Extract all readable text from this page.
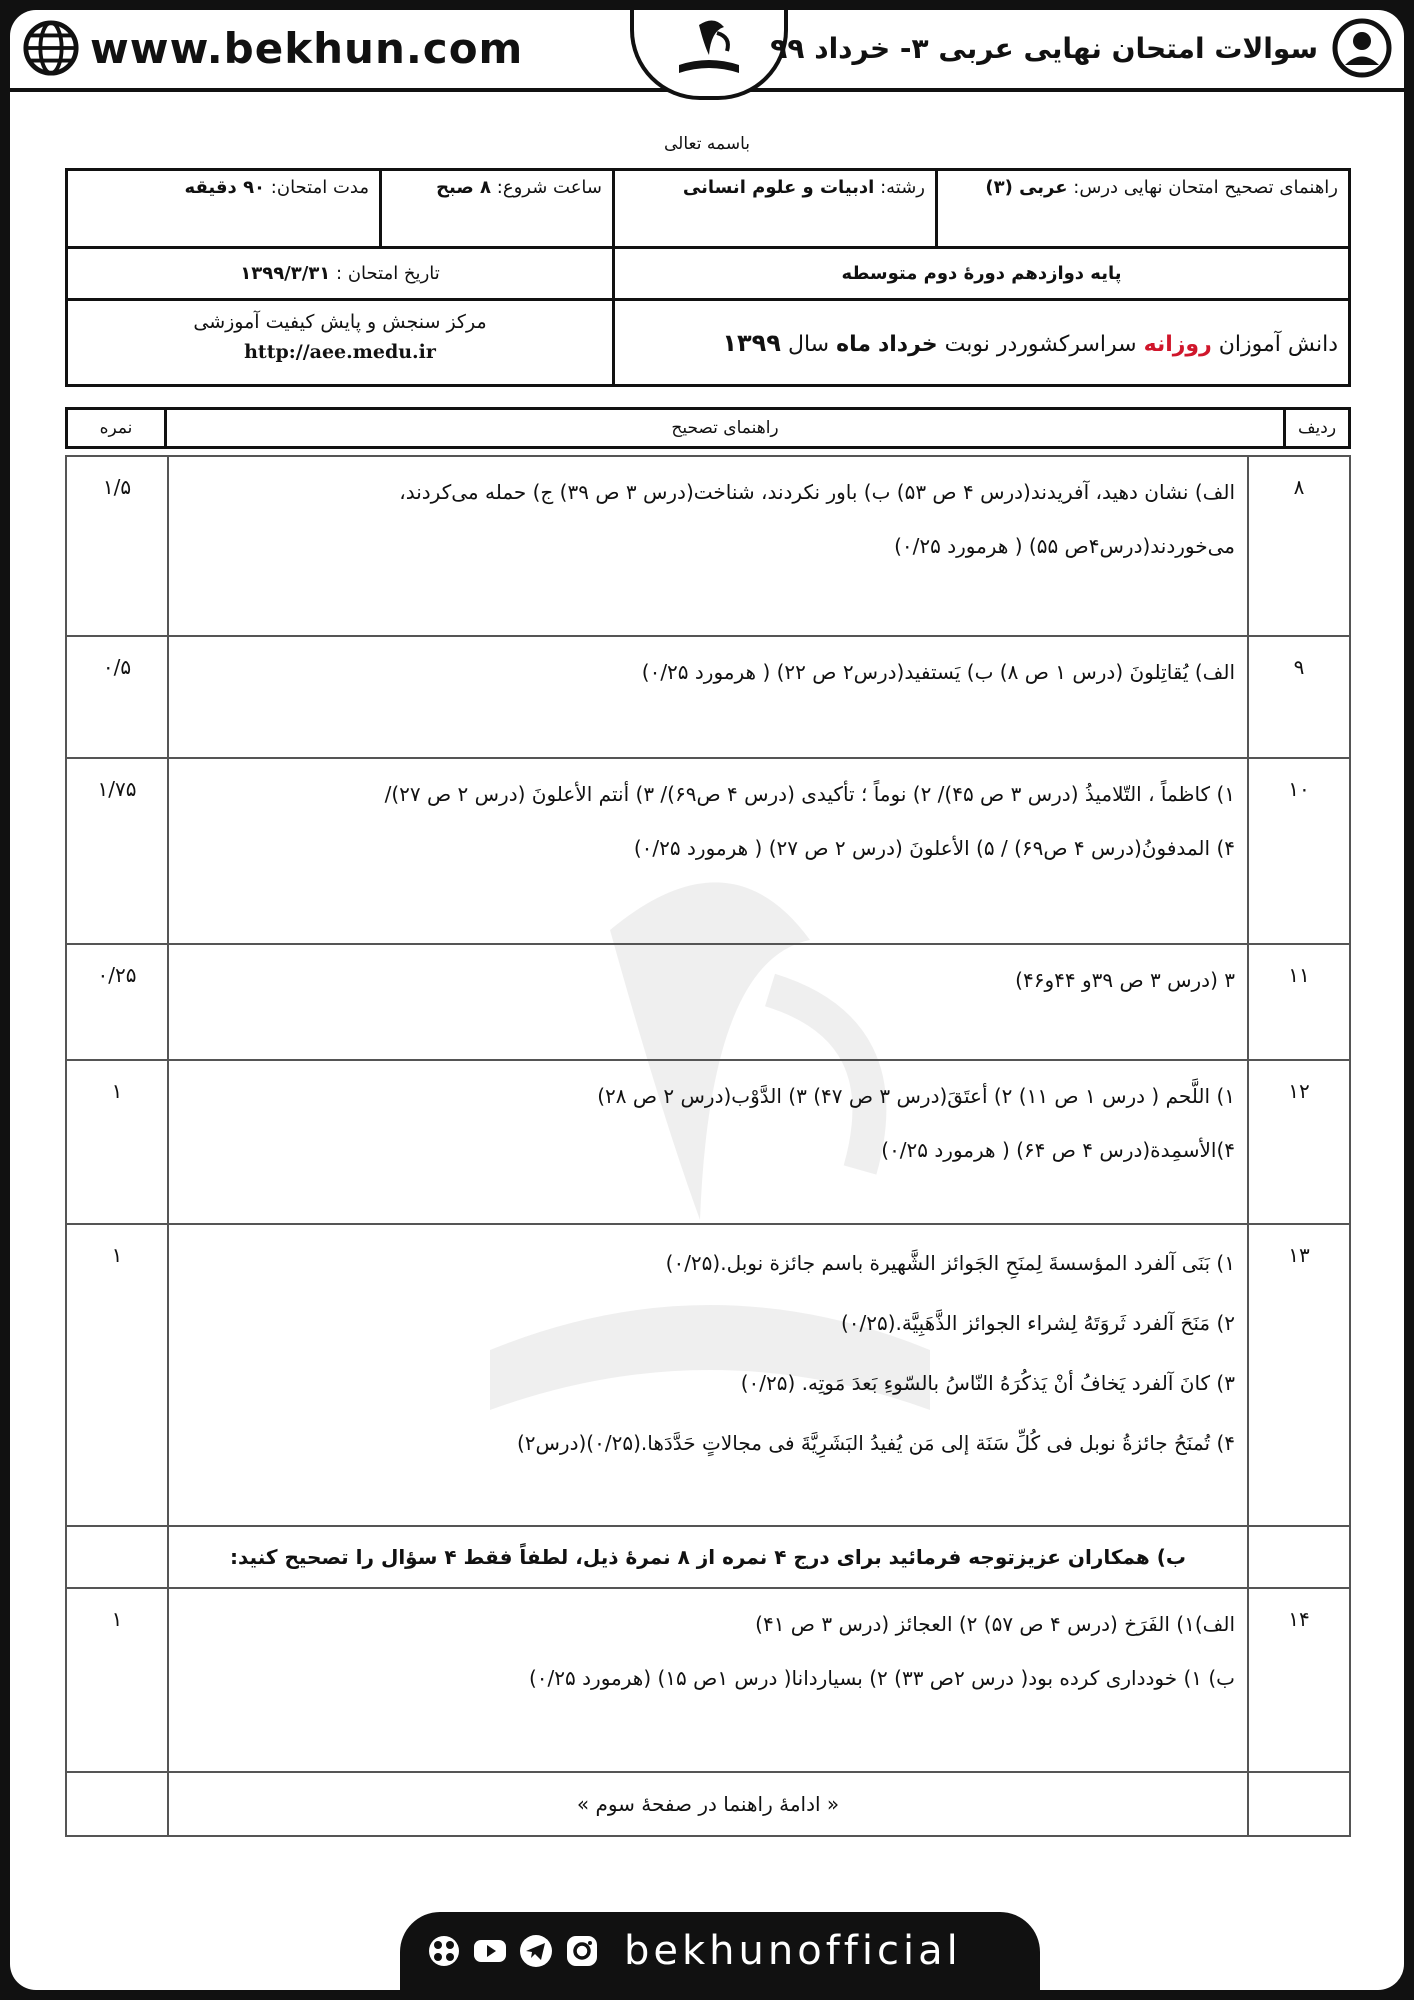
www.bekhun.com	سوالات امتحان نهایی عربی ۳- خرداد ۹۹
باسمه تعالی
راهنمای تصحیح امتحان نهایی درس: عربی (۳)	رشته: ادبیات و علوم انسانی	ساعت شروع: ۸ صبح	مدت امتحان: ۹۰ دقیقه
پایه دوازدهم دورهٔ دوم متوسطه		تاریخ امتحان : ۱۳۹۹/۳/۳۱	
دانش آموزان روزانه سراسرکشوردر نوبت خرداد ماه سال ۱۳۹۹		مرکز سنجش و پایش کیفیت آموزشی
http://aee.medu.ir	
ردیف	راهنمای تصحیح	نمره
۸	الف) نشان دهید، آفریدند(درس ۴ ص ۵۳) ب) باور نکردند، شناخت(درس ۳ ص ۳۹) ج) حمله می‌کردند،
می‌خوردند(درس۴ص ۵۵) ( هرمورد ۰/۲۵)	۱/۵
۹	الف) یُقاتِلونَ (درس ۱ ص ۸) ب) یَستفید(درس۲ ص ۲۲) ( هرمورد ۰/۲۵)	۰/۵
۱۰	۱) کاظماً ، التّلامیذُ (درس ۳ ص ۴۵)/ ۲) نوماً ؛ تأکیدی (درس ۴ ص۶۹)/ ۳) أنتم الأعلونَ (درس ۲ ص ۲۷)/
۴) المدفونُ(درس ۴ ص۶۹) / ۵) الأعلونَ (درس ۲ ص ۲۷) ( هرمورد ۰/۲۵)	۱/۷۵
۱۱	۳ (درس ۳ ص ۳۹و ۴۴و۴۶)	۰/۲۵
۱۲	۱) اللَّحم ( درس ۱ ص ۱۱) ۲) أعتَقَ(درس ۳ ص ۴۷) ۳) الدَّوْب(درس ۲ ص ۲۸)
۴)الأسمِدة(درس ۴ ص ۶۴) ( هرمورد ۰/۲۵)	۱
۱۳	۱) بَنَى آلفرد المؤسسةَ لِمنَحِ الجَوائز الشَّهیرة باسم جائزة نوبل.(۰/۲۵)
۲) مَنَحَ آلفرد ثَروَتَهُ لِشراء الجوائز الذَّهَبِیَّة.(۰/۲۵)
۳) کانَ آلفرد یَخافُ أنْ یَذکُرَهُ النّاسُ بالسّوءِ بَعدَ مَوتِه. (۰/۲۵)
۴) تُمنَحُ جائزةُ نوبل فی کُلِّ سَنَة إلی مَن یُفیدُ البَشَرِیَّةَ فی مجالاتٍ حَدَّدَها.(۰/۲۵)(درس۲)	۱
	ب) همکاران عزیزتوجه فرمائید برای درج ۴ نمره از ۸ نمرهٔ ذیل، لطفاً فقط ۴ سؤال را تصحیح کنید:	
۱۴	الف)۱) الفَرَخ (درس ۴ ص ۵۷) ۲) العجائز (درس ۳ ص ۴۱)
ب) ۱) خودداری کرده بود( درس ۲ص ۳۳) ۲) بسیاردانا( درس ۱ص ۱۵) (هرمورد ۰/۲۵)	۱
	« ادامهٔ راهنما در صفحهٔ سوم »	
bekhunofficial
